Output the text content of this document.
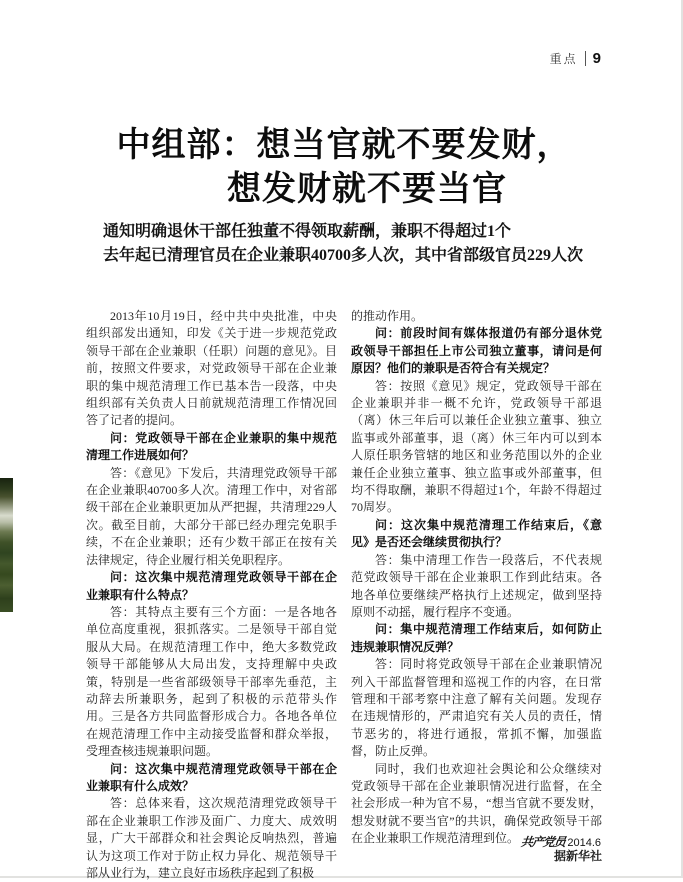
重点 9
中组部：想当官就不要发财，
想发财就不要当官
通知明确退休干部任独董不得领取薪酬，兼职不得超过1个
去年起已清理官员在企业兼职40700多人次，其中省部级官员229人次

2013年10月19日，经中共中央批准，中央组织部发出通知，印发《关于进一步规范党政领导干部在企业兼职（任职）问题的意见》。目前，按照文件要求，对党政领导干部在企业兼职的集中规范清理工作已基本告一段落，中央组织部有关负责人日前就规范清理工作情况回答了记者的提问。

问：党政领导干部在企业兼职的集中规范清理工作进展如何？

答：《意见》下发后，共清理党政领导干部在企业兼职40700多人次。清理工作中，对省部级干部在企业兼职更加从严把握，共清理229人次。截至目前，大部分干部已经办理完免职手续，不在企业兼职；还有少数干部正在按有关法律规定，待企业履行相关免职程序。

问：这次集中规范清理党政领导干部在企业兼职有什么特点？

答：其特点主要有三个方面：一是各地各单位高度重视，狠抓落实。二是领导干部自觉服从大局。在规范清理工作中，绝大多数党政领导干部能够从大局出发，支持理解中央政策，特别是一些省部级领导干部率先垂范，主动辞去所兼职务，起到了积极的示范带头作用。三是各方共同监督形成合力。各地各单位在规范清理工作中主动接受监督和群众举报，受理查核违规兼职问题。

问：这次集中规范清理党政领导干部在企业兼职有什么成效？

答：总体来看，这次规范清理党政领导干部在企业兼职工作涉及面广、力度大、成效明显，广大干部群众和社会舆论反响热烈，普遍认为这项工作对于防止权力异化、规范领导干部从业行为，建立良好市场秩序起到了积极

的推动作用。

问：前段时间有媒体报道仍有部分退休党政领导干部担任上市公司独立董事，请问是何原因？他们的兼职是否符合有关规定？

答：按照《意见》规定，党政领导干部在企业兼职并非一概不允许，党政领导干部退（离）休三年后可以兼任企业独立董事、独立监事或外部董事，退（离）休三年内可以到本人原任职务管辖的地区和业务范围以外的企业兼任企业独立董事、独立监事或外部董事，但均不得取酬，兼职不得超过1个，年龄不得超过70周岁。

问：这次集中规范清理工作结束后，《意见》是否还会继续贯彻执行？

答：集中清理工作告一段落后，不代表规范党政领导干部在企业兼职工作到此结束。各地各单位要继续严格执行上述规定，做到坚持原则不动摇，履行程序不变通。

问：集中规范清理工作结束后，如何防止违规兼职情况反弹？

答：同时将党政领导干部在企业兼职情况列入干部监督管理和巡视工作的内容，在日常管理和干部考察中注意了解有关问题。发现存在违规情形的，严肃追究有关人员的责任，情节恶劣的，将进行通报，常抓不懈，加强监督，防止反弹。

同时，我们也欢迎社会舆论和公众继续对党政领导干部在企业兼职情况进行监督，在全社会形成一种为官不易，“想当官就不要发财，想发财就不要当官”的共识，确保党政领导干部在企业兼职工作规范清理到位。

据新华社

共产党员 2014.6
